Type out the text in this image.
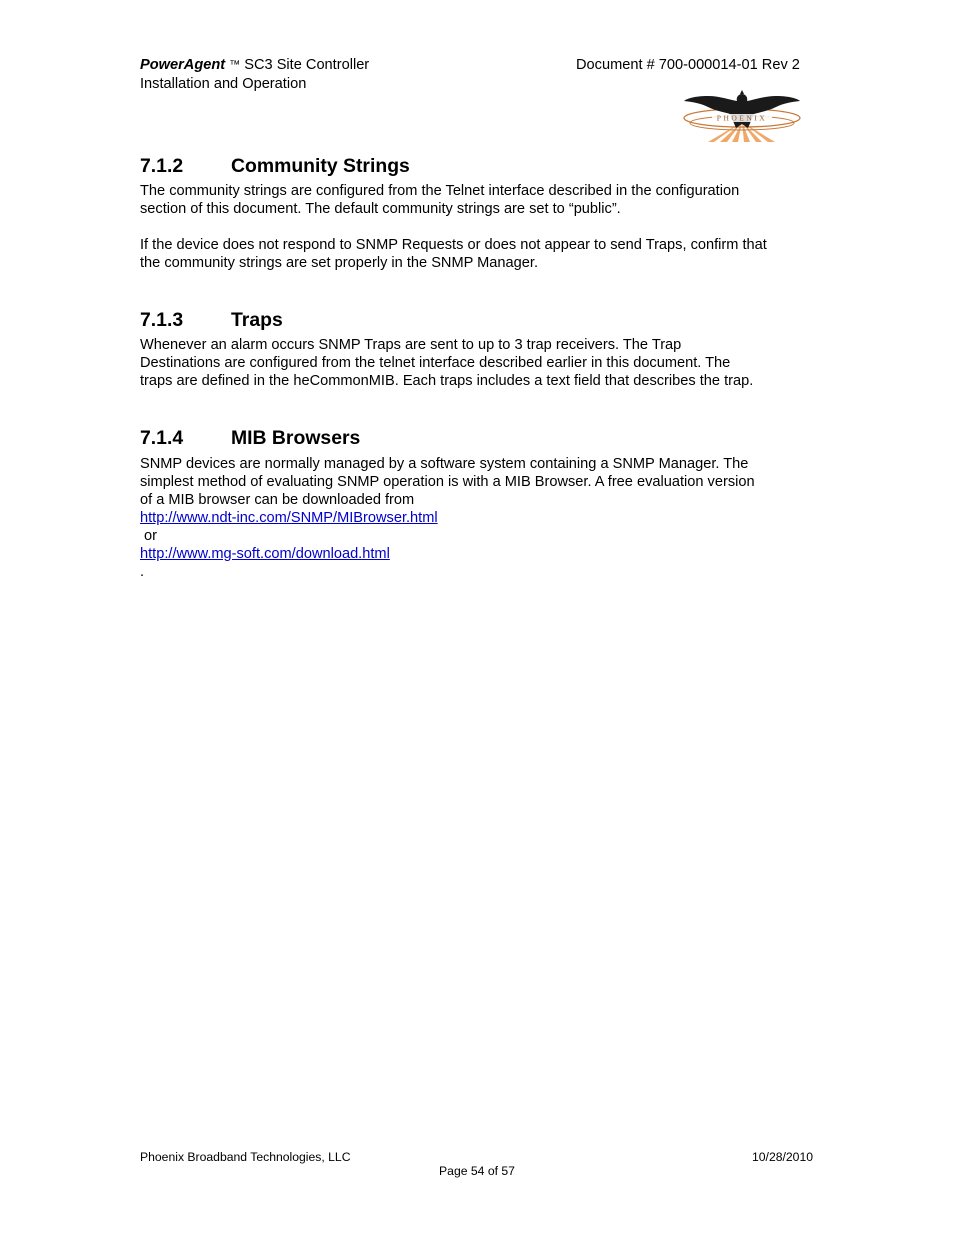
PowerAgent ™ SC3 Site Controller
Installation and Operation
Document # 700-000014-01 Rev 2
PHOENIX
7.1.2 Community Strings
The community strings are configured from the Telnet interface described in the configuration
section of this document. The default community strings are set to “public”.
If the device does not respond to SNMP Requests or does not appear to send Traps, confirm that
the community strings are set properly in the SNMP Manager.
7.1.3 Traps
Whenever an alarm occurs SNMP Traps are sent to up to 3 trap receivers. The Trap
Destinations are configured from the telnet interface described earlier in this document. The
traps are defined in the heCommonMIB. Each traps includes a text field that describes the trap.
7.1.4 MIB Browsers
SNMP devices are normally managed by a software system containing a SNMP Manager. The
simplest method of evaluating SNMP operation is with a MIB Browser. A free evaluation version
of a MIB browser can be downloaded from
http://www.ndt-inc.com/SNMP/MIBrowser.html
or
http://www.mg-soft.com/download.html
.
Phoenix Broadband Technologies, LLC	10/28/2010
Page 54 of 57
